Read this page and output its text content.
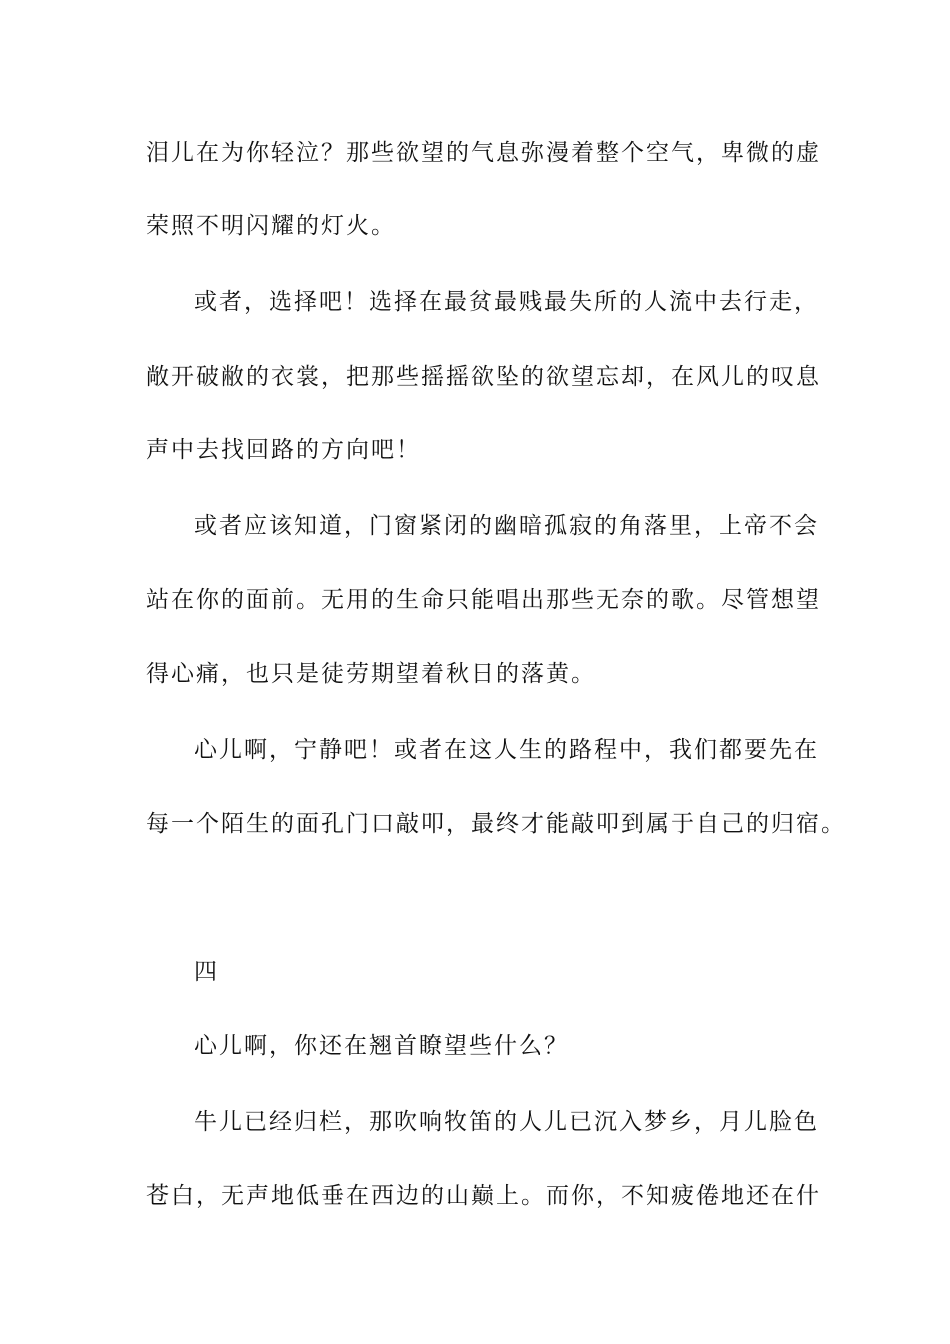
泪儿在为你轻泣？那些欲望的气息弥漫着整个空气，卑微的虚
荣照不明闪耀的灯火。
或者，选择吧！选择在最贫最贱最失所的人流中去行走，
敞开破敝的衣裳，把那些摇摇欲坠的欲望忘却，在风儿的叹息
声中去找回路的方向吧！
或者应该知道，门窗紧闭的幽暗孤寂的角落里，上帝不会
站在你的面前。无用的生命只能唱出那些无奈的歌。尽管想望
得心痛，也只是徒劳期望着秋日的落黄。
心儿啊，宁静吧！或者在这人生的路程中，我们都要先在
每一个陌生的面孔门口敲叩，最终才能敲叩到属于自己的归宿。
四
心儿啊，你还在翘首瞭望些什么？
牛儿已经归栏，那吹响牧笛的人儿已沉入梦乡，月儿脸色
苍白，无声地低垂在西边的山巅上。而你，不知疲倦地还在什
